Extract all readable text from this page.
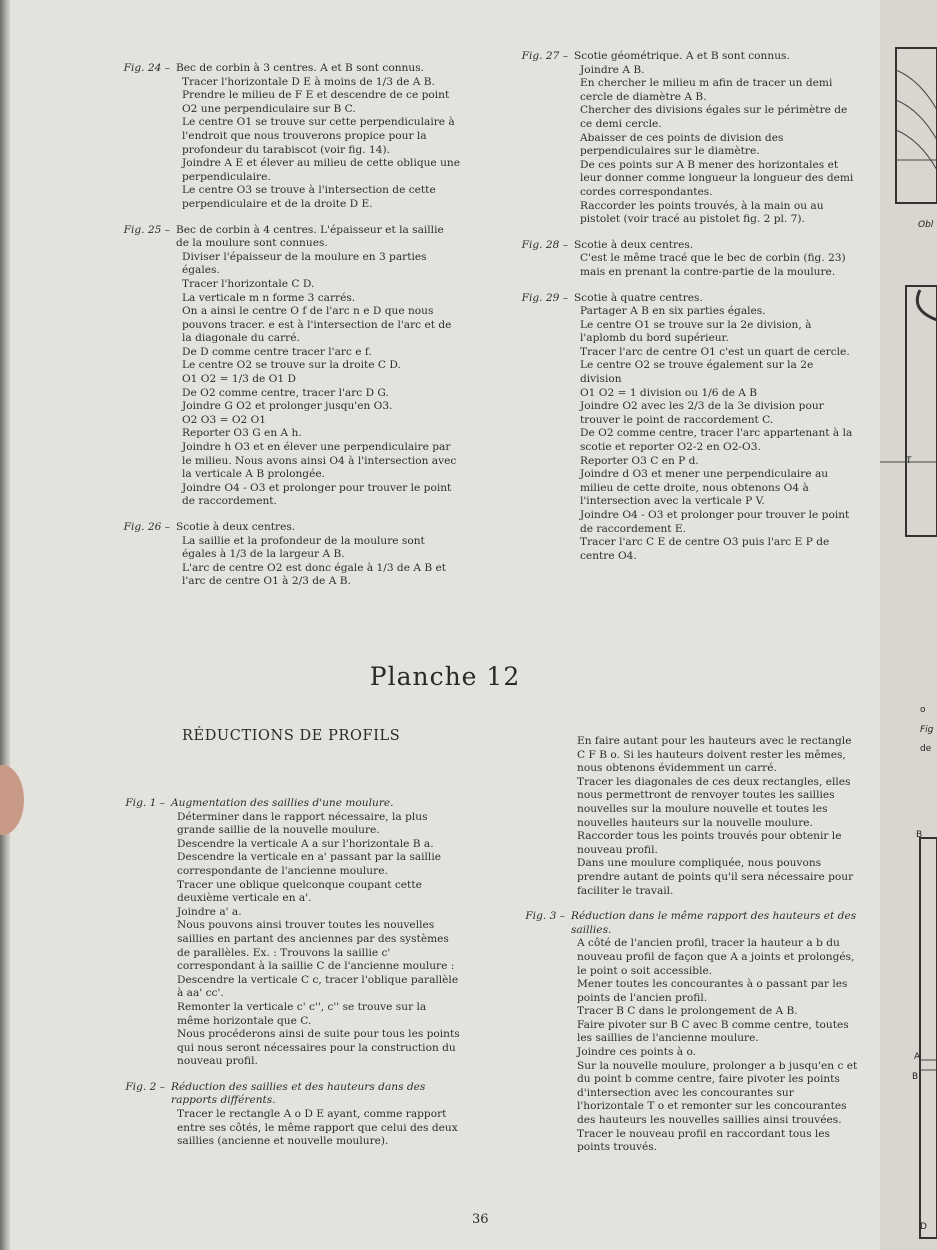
Fig. 24 – Bec de corbin à 3 centres. A et B sont connus.
Tracer l'horizontale D E à moins de 1/3 de A B.
Prendre le milieu de F E et descendre de ce point O2 une perpendiculaire sur B C.
Le centre O1 se trouve sur cette perpendiculaire à l'endroit que nous trouverons propice pour la profondeur du tarabiscot (voir fig. 14).
Joindre A E et élever au milieu de cette oblique une perpendiculaire.
Le centre O3 se trouve à l'intersection de cette perpendiculaire et de la droite D E.
Fig. 25 – Bec de corbin à 4 centres. L'épaisseur et la saillie de la moulure sont connues.
Diviser l'épaisseur de la moulure en 3 parties égales.
Tracer l'horizontale C D.
La verticale m n forme 3 carrés.
On a ainsi le centre O f de l'arc n e D que nous pouvons tracer. e est à l'intersection de l'arc et de la diagonale du carré.
De D comme centre tracer l'arc e f.
Le centre O2 se trouve sur la droite C D.
O1 O2 = 1/3 de O1 D
De O2 comme centre, tracer l'arc D G.
Joindre G O2 et prolonger jusqu'en O3.
O2 O3 = O2 O1
Reporter O3 G en A h.
Joindre h O3 et en élever une perpendiculaire par le milieu. Nous avons ainsi O4 à l'intersection avec la verticale A B prolongée.
Joindre O4 - O3 et prolonger pour trouver le point de raccordement.
Fig. 26 – Scotie à deux centres.
La saillie et la profondeur de la moulure sont égales à 1/3 de la largeur A B.
L'arc de centre O2 est donc égale à 1/3 de A B et l'arc de centre O1 à 2/3 de A B.
Fig. 27 – Scotie géométrique. A et B sont connus.
Joindre A B.
En chercher le milieu m afin de tracer un demi cercle de diamètre A B.
Chercher des divisions égales sur le périmètre de ce demi cercle.
Abaisser de ces points de division des perpendiculaires sur le diamètre.
De ces points sur A B mener des horizontales et leur donner comme longueur la longueur des demi cordes correspondantes.
Raccorder les points trouvés, à la main ou au pistolet (voir tracé au pistolet fig. 2 pl. 7).
Fig. 28 – Scotie à deux centres.
C'est le même tracé que le bec de corbin (fig. 23) mais en prenant la contre-partie de la moulure.
Fig. 29 – Scotie à quatre centres.
Partager A B en six parties égales.
Le centre O1 se trouve sur la 2e division, à l'aplomb du bord supérieur.
Tracer l'arc de centre O1 c'est un quart de cercle.
Le centre O2 se trouve également sur la 2e division
O1 O2 = 1 division ou 1/6 de A B
Joindre O2 avec les 2/3 de la 3e division pour trouver le point de raccordement C.
De O2 comme centre, tracer l'arc appartenant à la scotie et reporter O2-2 en O2-O3.
Reporter O3 C en P d.
Joindre d O3 et mener une perpendiculaire au milieu de cette droite, nous obtenons O4 à l'intersection avec la verticale P V.
Joindre O4 - O3 et prolonger pour trouver le point de raccordement E.
Tracer l'arc C E de centre O3 puis l'arc E P de centre O4.
Planche 12
RÉDUCTIONS DE PROFILS
Fig. 1 – Augmentation des saillies d'une moulure.
Déterminer dans le rapport nécessaire, la plus grande saillie de la nouvelle moulure.
Descendre la verticale A a sur l'horizontale B a.
Descendre la verticale en a' passant par la saillie correspondante de l'ancienne moulure.
Tracer une oblique quelconque coupant cette deuxième verticale en a'.
Joindre a' a.
Nous pouvons ainsi trouver toutes les nouvelles saillies en partant des anciennes par des systèmes de parallèles. Ex. : Trouvons la saillie c' correspondant à la saillie C de l'ancienne moulure : Descendre la verticale C c, tracer l'oblique parallèle à aa' cc'.
Remonter la verticale c' c'', c'' se trouve sur la même horizontale que C.
Nous procéderons ainsi de suite pour tous les points qui nous seront nécessaires pour la construction du nouveau profil.
Fig. 2 – Réduction des saillies et des hauteurs dans des rapports différents.
Tracer le rectangle A o D E ayant, comme rapport entre ses côtés, le même rapport que celui des deux saillies (ancienne et nouvelle moulure).
En faire autant pour les hauteurs avec le rectangle C F B o. Si les hauteurs doivent rester les mêmes, nous obtenons évidemment un carré.
Tracer les diagonales de ces deux rectangles, elles nous permettront de renvoyer toutes les saillies nouvelles sur la moulure nouvelle et toutes les nouvelles hauteurs sur la nouvelle moulure.
Raccorder tous les points trouvés pour obtenir le nouveau profil.
Dans une moulure compliquée, nous pouvons prendre autant de points qu'il sera nécessaire pour faciliter le travail.
Fig. 3 – Réduction dans le même rapport des hauteurs et des saillies.
A côté de l'ancien profil, tracer la hauteur a b du nouveau profil de façon que A a joints et prolongés, le point o soit accessible.
Mener toutes les concourantes à o passant par les points de l'ancien profil.
Tracer B C dans le prolongement de A B.
Faire pivoter sur B C avec B comme centre, toutes les saillies de l'ancienne moulure.
Joindre ces points à o.
Sur la nouvelle moulure, prolonger a b jusqu'en c et du point b comme centre, faire pivoter les points d'intersection avec les concourantes sur l'horizontale T o et remonter sur les concourantes des hauteurs les nouvelles saillies ainsi trouvées.
Tracer le nouveau profil en raccordant tous les points trouvés.
36
Obl
T
o
Fig
de
B
A
B'
D
